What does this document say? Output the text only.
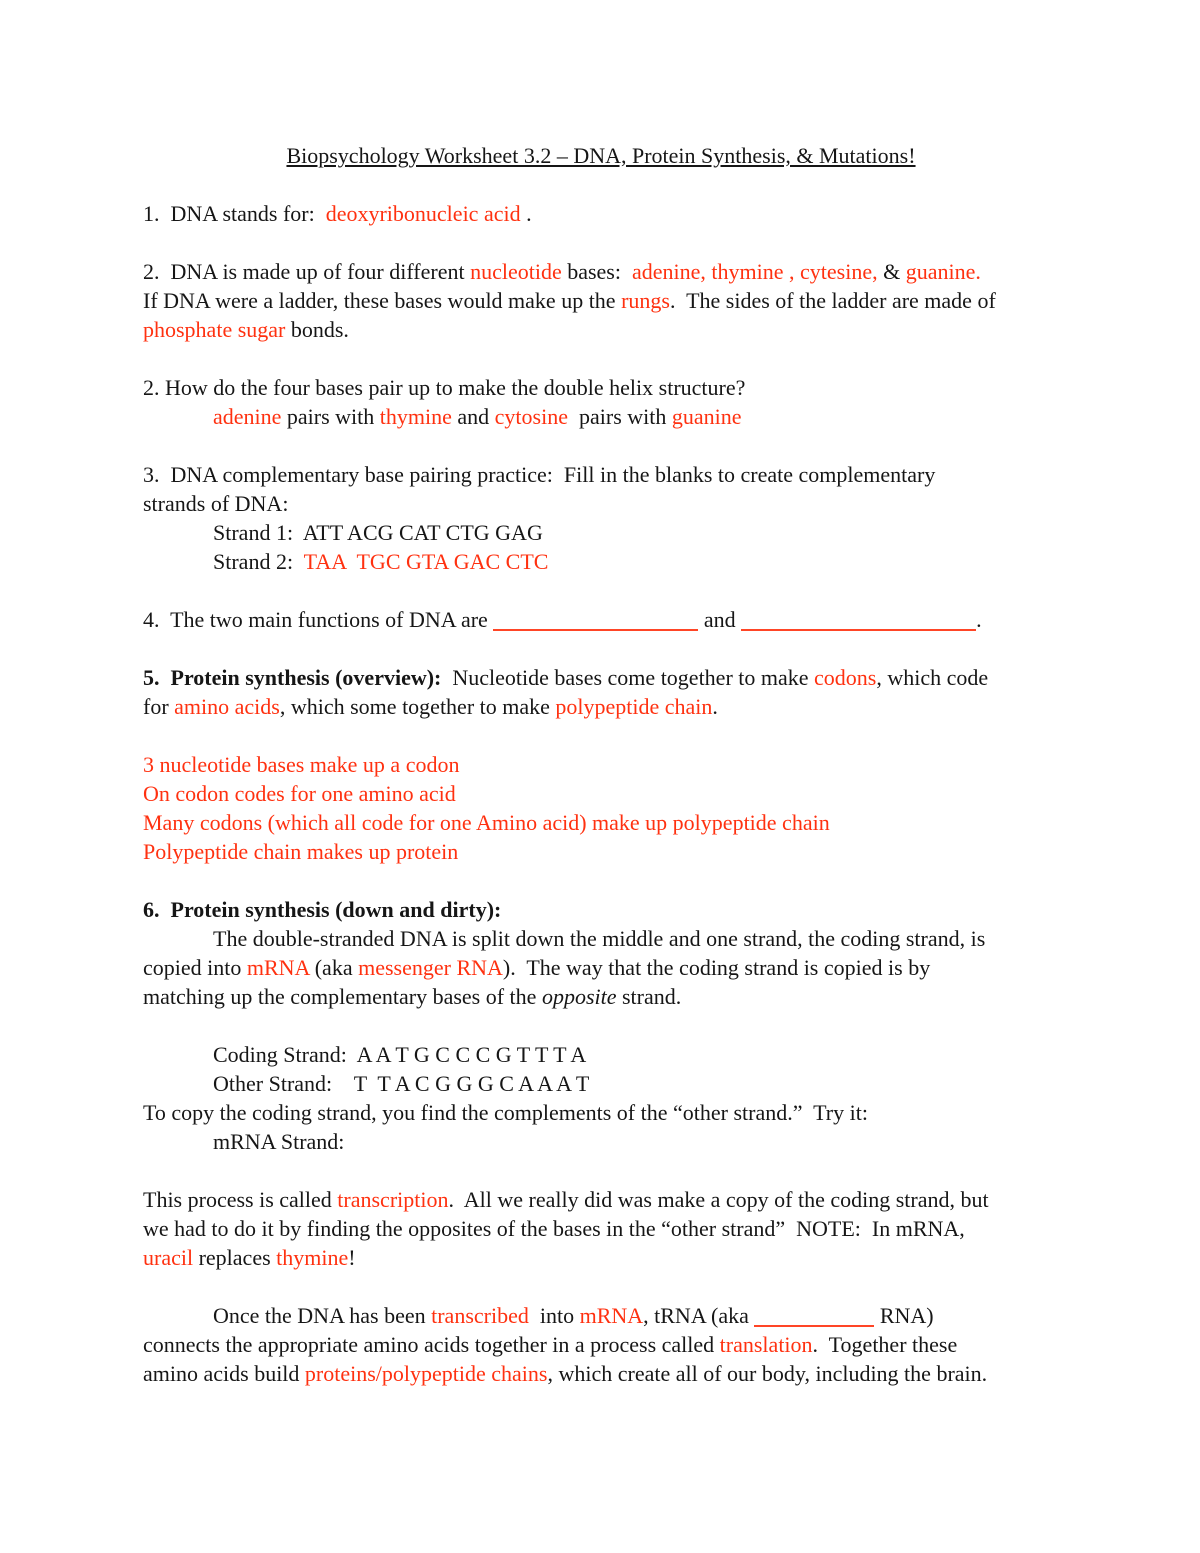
Biopsychology Worksheet 3.2 – DNA, Protein Synthesis, & Mutations!
1.  DNA stands for:  deoxyribonucleic acid .
2.  DNA is made up of four different nucleotide bases:  adenine, thymine , cytesine, & guanine.
If DNA were a ladder, these bases would make up the rungs.  The sides of the ladder are made of
phosphate sugar bonds.
2. How do the four bases pair up to make the double helix structure?
adenine pairs with thymine and cytosine  pairs with guanine
3.  DNA complementary base pairing practice:  Fill in the blanks to create complementary
strands of DNA:
Strand 1:  ATT ACG CAT CTG GAG
Strand 2:  TAA  TGC GTA GAC CTC
4.  The two main functions of DNA are	and	.
5.  Protein synthesis (overview):  Nucleotide bases come together to make codons, which code
for amino acids, which some together to make polypeptide chain.
3 nucleotide bases make up a codon
On codon codes for one amino acid
Many codons (which all code for one Amino acid) make up polypeptide chain
Polypeptide chain makes up protein
6.  Protein synthesis (down and dirty):
The double-stranded DNA is split down the middle and one strand, the coding strand, is
copied into mRNA (aka messenger RNA).  The way that the coding strand is copied is by
matching up the complementary bases of the opposite strand.
Coding Strand:  A A T G C C C G T T T A
Other Strand:    T  T A C G G G C A A A T
To copy the coding strand, you find the complements of the “other strand.”  Try it:
mRNA Strand:
This process is called transcription.  All we really did was make a copy of the coding strand, but
we had to do it by finding the opposites of the bases in the “other strand”  NOTE:  In mRNA,
uracil replaces thymine!
Once the DNA has been transcribed  into mRNA, tRNA (aka	RNA)
connects the appropriate amino acids together in a process called translation.  Together these
amino acids build proteins/polypeptide chains, which create all of our body, including the brain.
